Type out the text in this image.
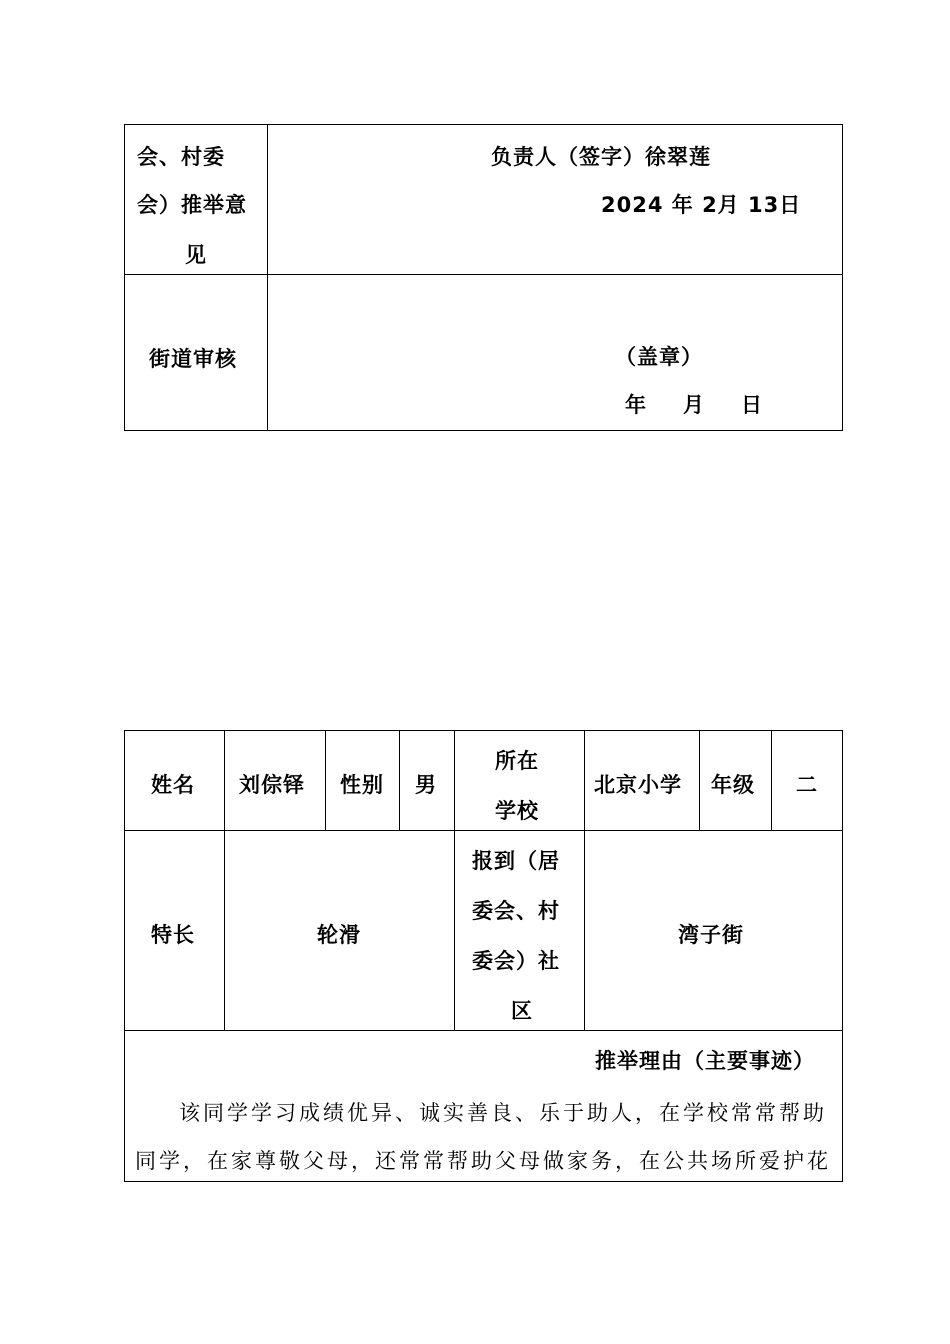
会、村委
会）推举意
见
负责人（签字）徐翠莲
2024 年 2月 13日
街道审核	（盖章）
年　月　日
姓名 刘倧铎 性别 男
所在
学校
北京小学 年级 二
特长	轮滑
报到（居
委会、村
委会）社
区
湾子街
推举理由（主要事迹）
该同学学习成绩优异、诚实善良、乐于助人，在学校常常帮助
同学，在家尊敬父母，还常常帮助父母做家务，在公共场所爱护花
